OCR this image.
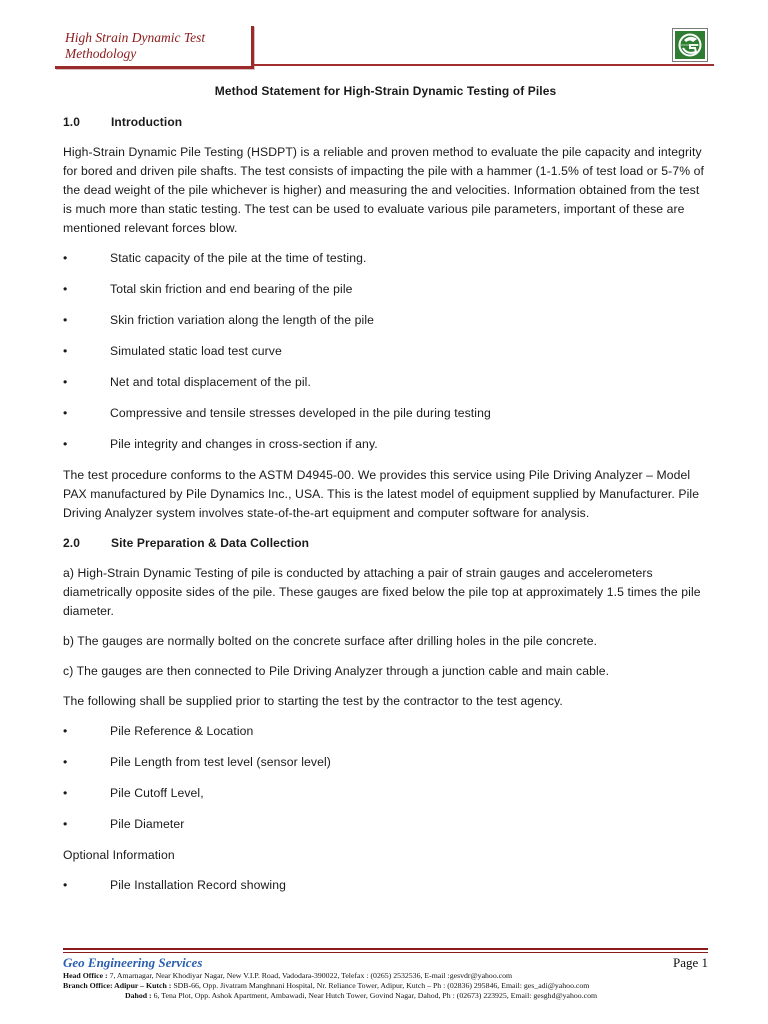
High Strain Dynamic Test Methodology
Method Statement for High-Strain Dynamic Testing of Piles
1.0	Introduction

High-Strain Dynamic Pile Testing (HSDPT) is a reliable and proven method to evaluate the pile capacity and integrity for bored and driven pile shafts. The test consists of impacting the pile with a hammer (1-1.5% of test load or 5-7% of the dead weight of the pile whichever is higher) and measuring the and velocities. Information obtained from the test is much more than static testing. The test can be used to evaluate various pile parameters, important of these are mentioned relevant forces blow.

•	Static capacity of the pile at the time of testing.
•	Total skin friction and end bearing of the pile
•	Skin friction variation along the length of the pile
•	Simulated static load test curve
•	Net and total displacement of the pil.
•	Compressive and tensile stresses developed in the pile during testing
•	Pile integrity and changes in cross-section if any.

The test procedure conforms to the ASTM D4945-00. We provides this service using Pile Driving Analyzer – Model PAX manufactured by Pile Dynamics Inc., USA. This is the latest model of equipment supplied by Manufacturer. Pile Driving Analyzer system involves state-of-the-art equipment and computer software for analysis.

2.0	Site Preparation & Data Collection

a) High-Strain Dynamic Testing of pile is conducted by attaching a pair of strain gauges and accelerometers diametrically opposite sides of the pile. These gauges are fixed below the pile top at approximately 1.5 times the pile diameter.

b) The gauges are normally bolted on the concrete surface after drilling holes in the pile concrete.

c) The gauges are then connected to Pile Driving Analyzer through a junction cable and main cable.

The following shall be supplied prior to starting the test by the contractor to the test agency.

•	Pile Reference & Location
•	Pile Length from test level (sensor level)
•	Pile Cutoff Level,
•	Pile Diameter

Optional Information

•	Pile Installation Record showing
Geo Engineering Services	Page 1
Head Office : 7, Amarnagar, Near Khodiyar Nagar, New V.I.P. Road, Vadodara-390022, Telefax : (0265) 2532536, E-mail :gesvdr@yahoo.com
Branch Office: Adipur – Kutch : SDB-66, Opp. Jivatram Manghnani Hospital, Nr. Reliance Tower, Adipur, Kutch – Ph : (02836) 295846, Email: ges_adi@yahoo.com
Dahod : 6, Tena Plot, Opp. Ashok Apartment, Ambawadi, Near Hutch Tower, Govind Nagar, Dahod, Ph : (02673) 223925, Email: gesghd@yahoo.com
